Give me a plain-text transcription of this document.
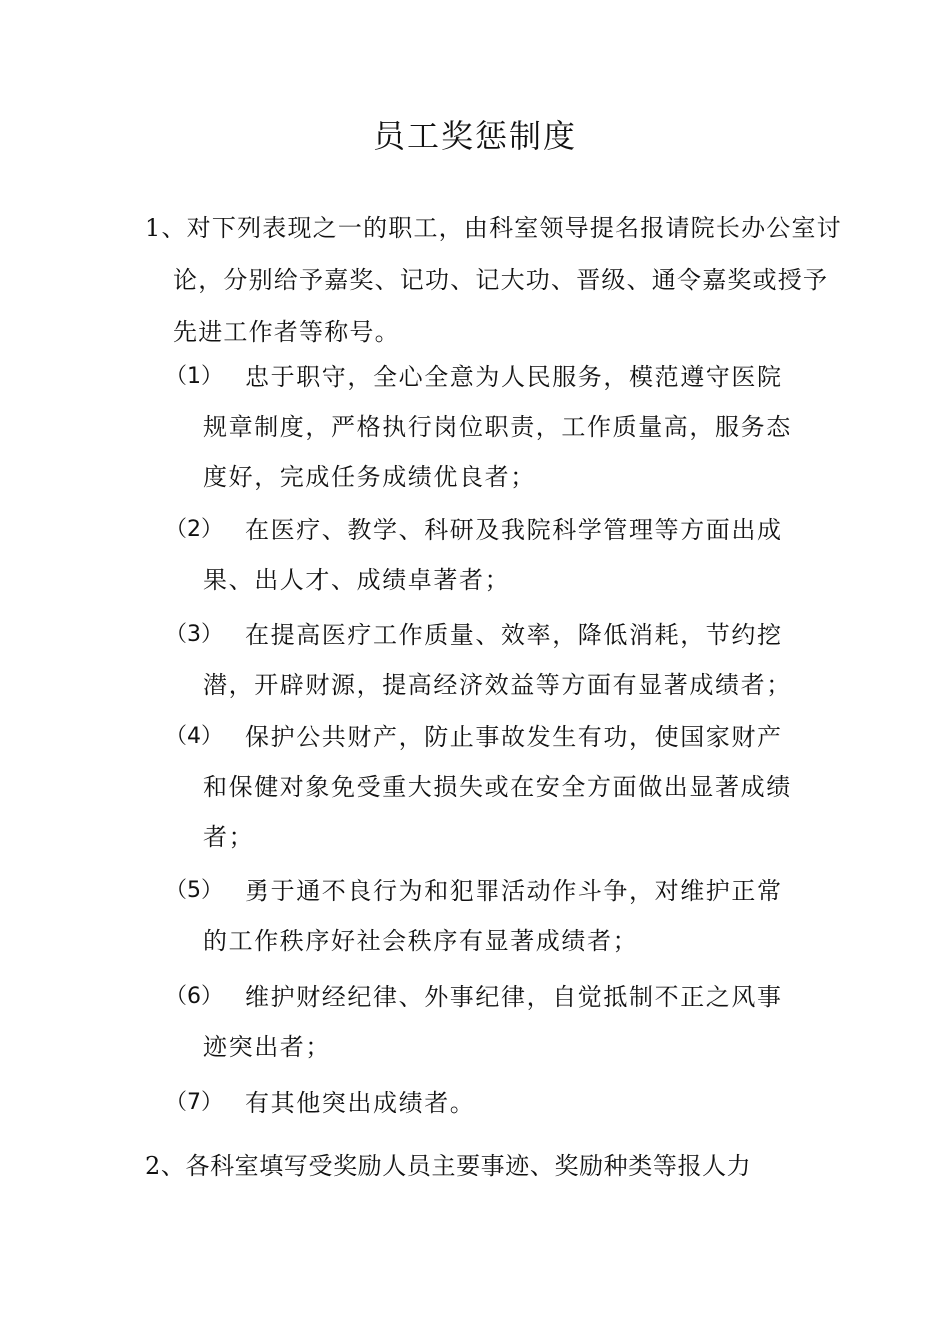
员工奖惩制度
1、对下列表现之一的职工，由科室领导提名报请院长办公室讨论，分别给予嘉奖、记功、记大功、晋级、通令嘉奖或授予先进工作者等称号。
（1） 忠于职守，全心全意为人民服务，模范遵守医院规章制度，严格执行岗位职责，工作质量高，服务态度好，完成任务成绩优良者；
（2） 在医疗、教学、科研及我院科学管理等方面出成果、出人才、成绩卓著者；
（3） 在提高医疗工作质量、效率，降低消耗，节约挖潜，开辟财源，提高经济效益等方面有显著成绩者；
（4） 保护公共财产，防止事故发生有功，使国家财产和保健对象免受重大损失或在安全方面做出显著成绩者；
（5） 勇于通不良行为和犯罪活动作斗争，对维护正常的工作秩序好社会秩序有显著成绩者；
（6） 维护财经纪律、外事纪律，自觉抵制不正之风事迹突出者；
（7） 有其他突出成绩者。
2、各科室填写受奖励人员主要事迹、奖励种类等报人力
